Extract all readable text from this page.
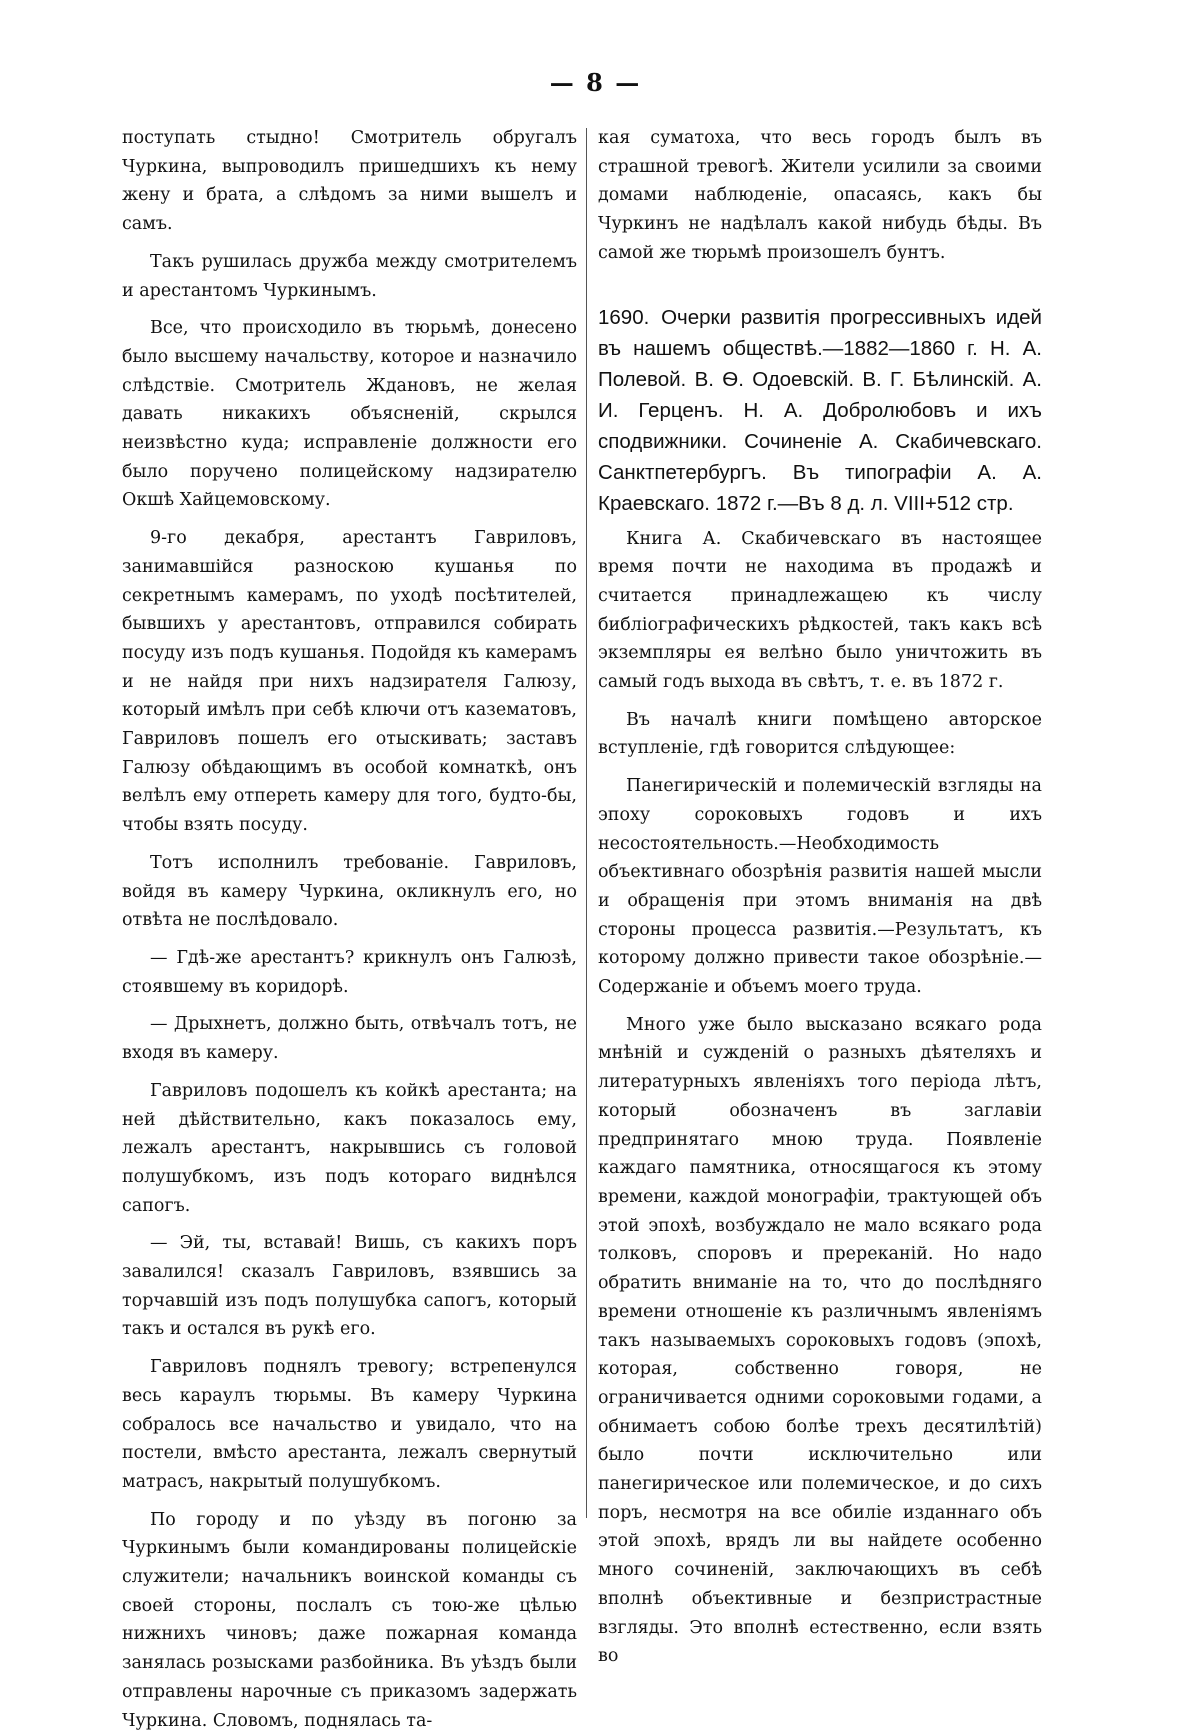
— 8 —

поступать стыдно! Смотритель обругалъ Чуркина, выпроводилъ пришедшихъ къ нему жену и брата, а слѣдомъ за ними вышелъ и самъ.

Такъ рушилась дружба между смотрителемъ и арестантомъ Чуркинымъ.

Все, что происходило въ тюрьмѣ, донесено было высшему начальству, которое и назначило слѣдствіе. Смотритель Ждановъ, не желая давать никакихъ объясненій, скрылся неизвѣстно куда; исправленіе должности его было поручено полицейскому надзирателю Окшѣ Хайцемовскому.

9-го декабря, арестантъ Гавриловъ, занимавшійся разноскою кушанья по секретнымъ камерамъ, по уходѣ посѣтителей, бывшихъ у арестантовъ, отправился собирать посуду изъ подъ кушанья. Подойдя къ камерамъ и не найдя при нихъ надзирателя Галюзу, который имѣлъ при себѣ ключи отъ казематовъ, Гавриловъ пошелъ его отыскивать; заставъ Галюзу обѣдающимъ въ особой комнаткѣ, онъ велѣлъ ему отпереть камеру для того, будто-бы, чтобы взять посуду.

Тотъ исполнилъ требованіе. Гавриловъ, войдя въ камеру Чуркина, окликнулъ его, но отвѣта не послѣдовало.

— Гдѣ-же арестантъ? крикнулъ онъ Галюзѣ, стоявшему въ коридорѣ.

— Дрыхнетъ, должно быть, отвѣчалъ тотъ, не входя въ камеру.

Гавриловъ подошелъ къ койкѣ арестанта; на ней дѣйствительно, какъ показалось ему, лежалъ арестантъ, накрывшись съ головой полушубкомъ, изъ подъ котораго виднѣлся сапогъ.

— Эй, ты, вставай! Вишь, съ какихъ поръ завалился! сказалъ Гавриловъ, взявшись за торчавшій изъ подъ полушубка сапогъ, который такъ и остался въ рукѣ его.

Гавриловъ поднялъ тревогу; встрепенулся весь караулъ тюрьмы. Въ камеру Чуркина собралось все начальство и увидало, что на постели, вмѣсто арестанта, лежалъ свернутый матрасъ, накрытый полушубкомъ.

По городу и по уѣзду въ погоню за Чуркинымъ были командированы полицейскіе служители; начальникъ воинской команды съ своей стороны, послалъ съ тою-же цѣлью нижнихъ чиновъ; даже пожарная команда занялась розысками разбойника. Въ уѣздъ были отправлены нарочные съ приказомъ задержать Чуркина. Словомъ, поднялась та-

кая суматоха, что весь городъ былъ въ страшной тревогѣ. Жители усилили за своими домами наблюденіе, опасаясь, какъ бы Чуркинъ не надѣлалъ какой нибудь бѣды. Въ самой же тюрьмѣ произошелъ бунтъ.

1690. Очерки развитія прогрессивныхъ идей въ нашемъ обществѣ.—1882—1860 г. Н. А. Полевой. В. Ѳ. Одоевскій. В. Г. Бѣлинскій. А. И. Герценъ. Н. А. Добролюбовъ и ихъ сподвижники. Сочиненіе А. Скабичевскаго. Санктпетербургъ. Въ типографіи А. А. Краевскаго. 1872 г.—Въ 8 д. л. VIII+512 стр.

Книга А. Скабичевскаго въ настоящее время почти не находима въ продажѣ и считается принадлежащею къ числу библіографическихъ рѣдкостей, такъ какъ всѣ экземпляры ея велѣно было уничтожить въ самый годъ выхода въ свѣтъ, т. е. въ 1872 г.

Въ началѣ книги помѣщено авторское вступленіе, гдѣ говорится слѣдующее:

Панегирическій и полемическій взгляды на эпоху сороковыхъ годовъ и ихъ несостоятельность.—Необходимость объективнаго обозрѣнія развитія нашей мысли и обращенія при этомъ вниманія на двѣ стороны процесса развитія.—Результатъ, къ которому должно привести такое обозрѣніе.—Содержаніе и объемъ моего труда.

Много уже было высказано всякаго рода мнѣній и сужденій о разныхъ дѣятеляхъ и литературныхъ явленіяхъ того періода лѣтъ, который обозначенъ въ заглавіи предпринятаго мною труда. Появленіе каждаго памятника, относящагося къ этому времени, каждой монографіи, трактующей объ этой эпохѣ, возбуждало не мало всякаго рода толковъ, споровъ и пререканій. Но надо обратить вниманіе на то, что до послѣдняго времени отношеніе къ различнымъ явленіямъ такъ называемыхъ сороковыхъ годовъ (эпохѣ, которая, собственно говоря, не ограничивается одними сороковыми годами, а обнимаетъ собою болѣе трехъ десятилѣтій) было почти исключительно или панегирическое или полемическое, и до сихъ поръ, несмотря на все обиліе изданнаго объ этой эпохѣ, врядъ ли вы найдете особенно много сочиненій, заключающихъ въ себѣ вполнѣ объективные и безпристрастные взгляды. Это вполнѣ естественно, если взять во
